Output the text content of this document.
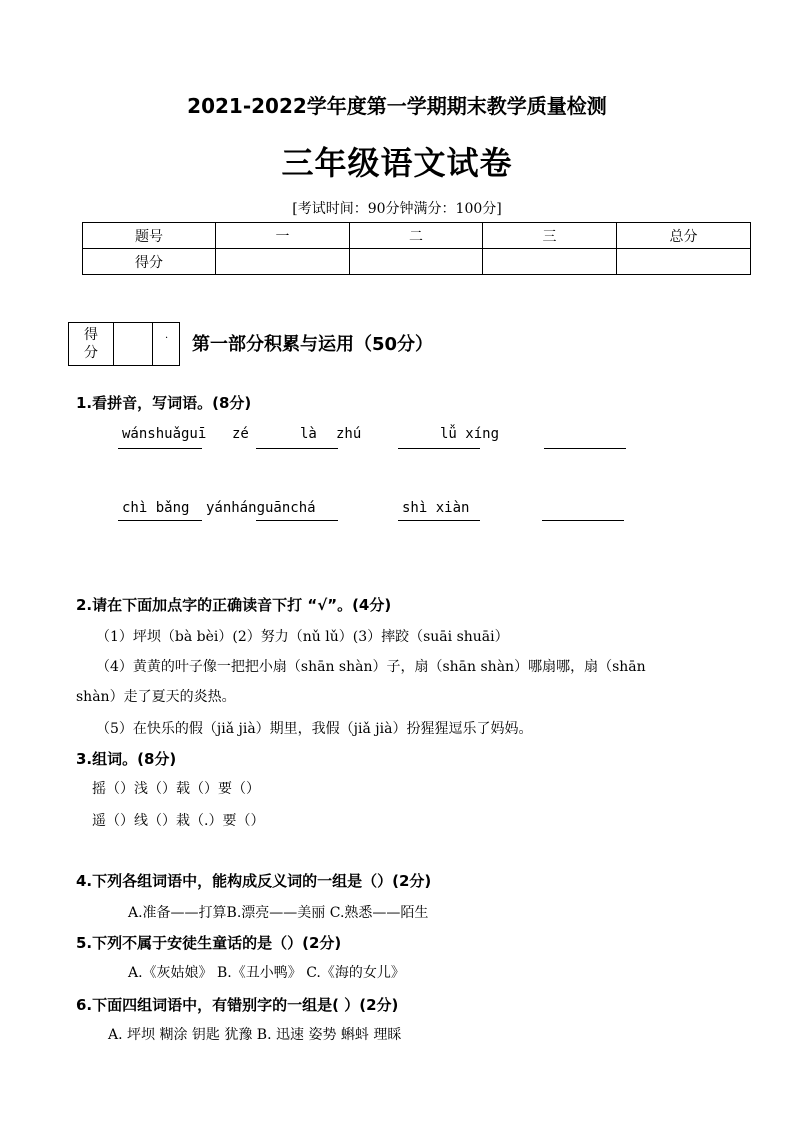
2021-2022学年度第一学期期末教学质量检测
三年级语文试卷
[考试时间：90分钟满分：100分]
题号	一	二	三	总分
得分				
得分
· 第一部分积累与运用（50分）
1.看拼音，写词语。(8分)
wánshuǎguī zé	là zhú	lǚ xíng
chì bǎng yánhánguānchá	shì xiàn
2.请在下面加点字的正确读音下打 “√”。(4分)
（1）坪坝（bà bèi）(2）努力（nǔ lǔ）(3）摔跤（suāi shuāi）
（4）黄黄的叶子像一把把小扇（shān shàn）子，扇（shān shàn）哪扇哪，扇（shān
shàn）走了夏天的炎热。
（5）在快乐的假（jiǎ jià）期里，我假（jiǎ jià）扮猩猩逗乐了妈妈。
3.组词。(8分)
摇（）浅（）载（）要（）
遥（）线（）栽（.）要（）
4.下列各组词语中，能构成反义词的一组是（）(2分)
A.准备——打算B.漂亮——美丽 C.熟悉——陌生
5.下列不属于安徒生童话的是（）(2分)
A.《灰姑娘》 B.《丑小鸭》 C.《海的女儿》
6.下面四组词语中，有错别字的一组是( ）(2分)
A. 坪坝 糊涂 钥匙 犹豫 B. 迅速 姿势 蝌蚪 理睬
